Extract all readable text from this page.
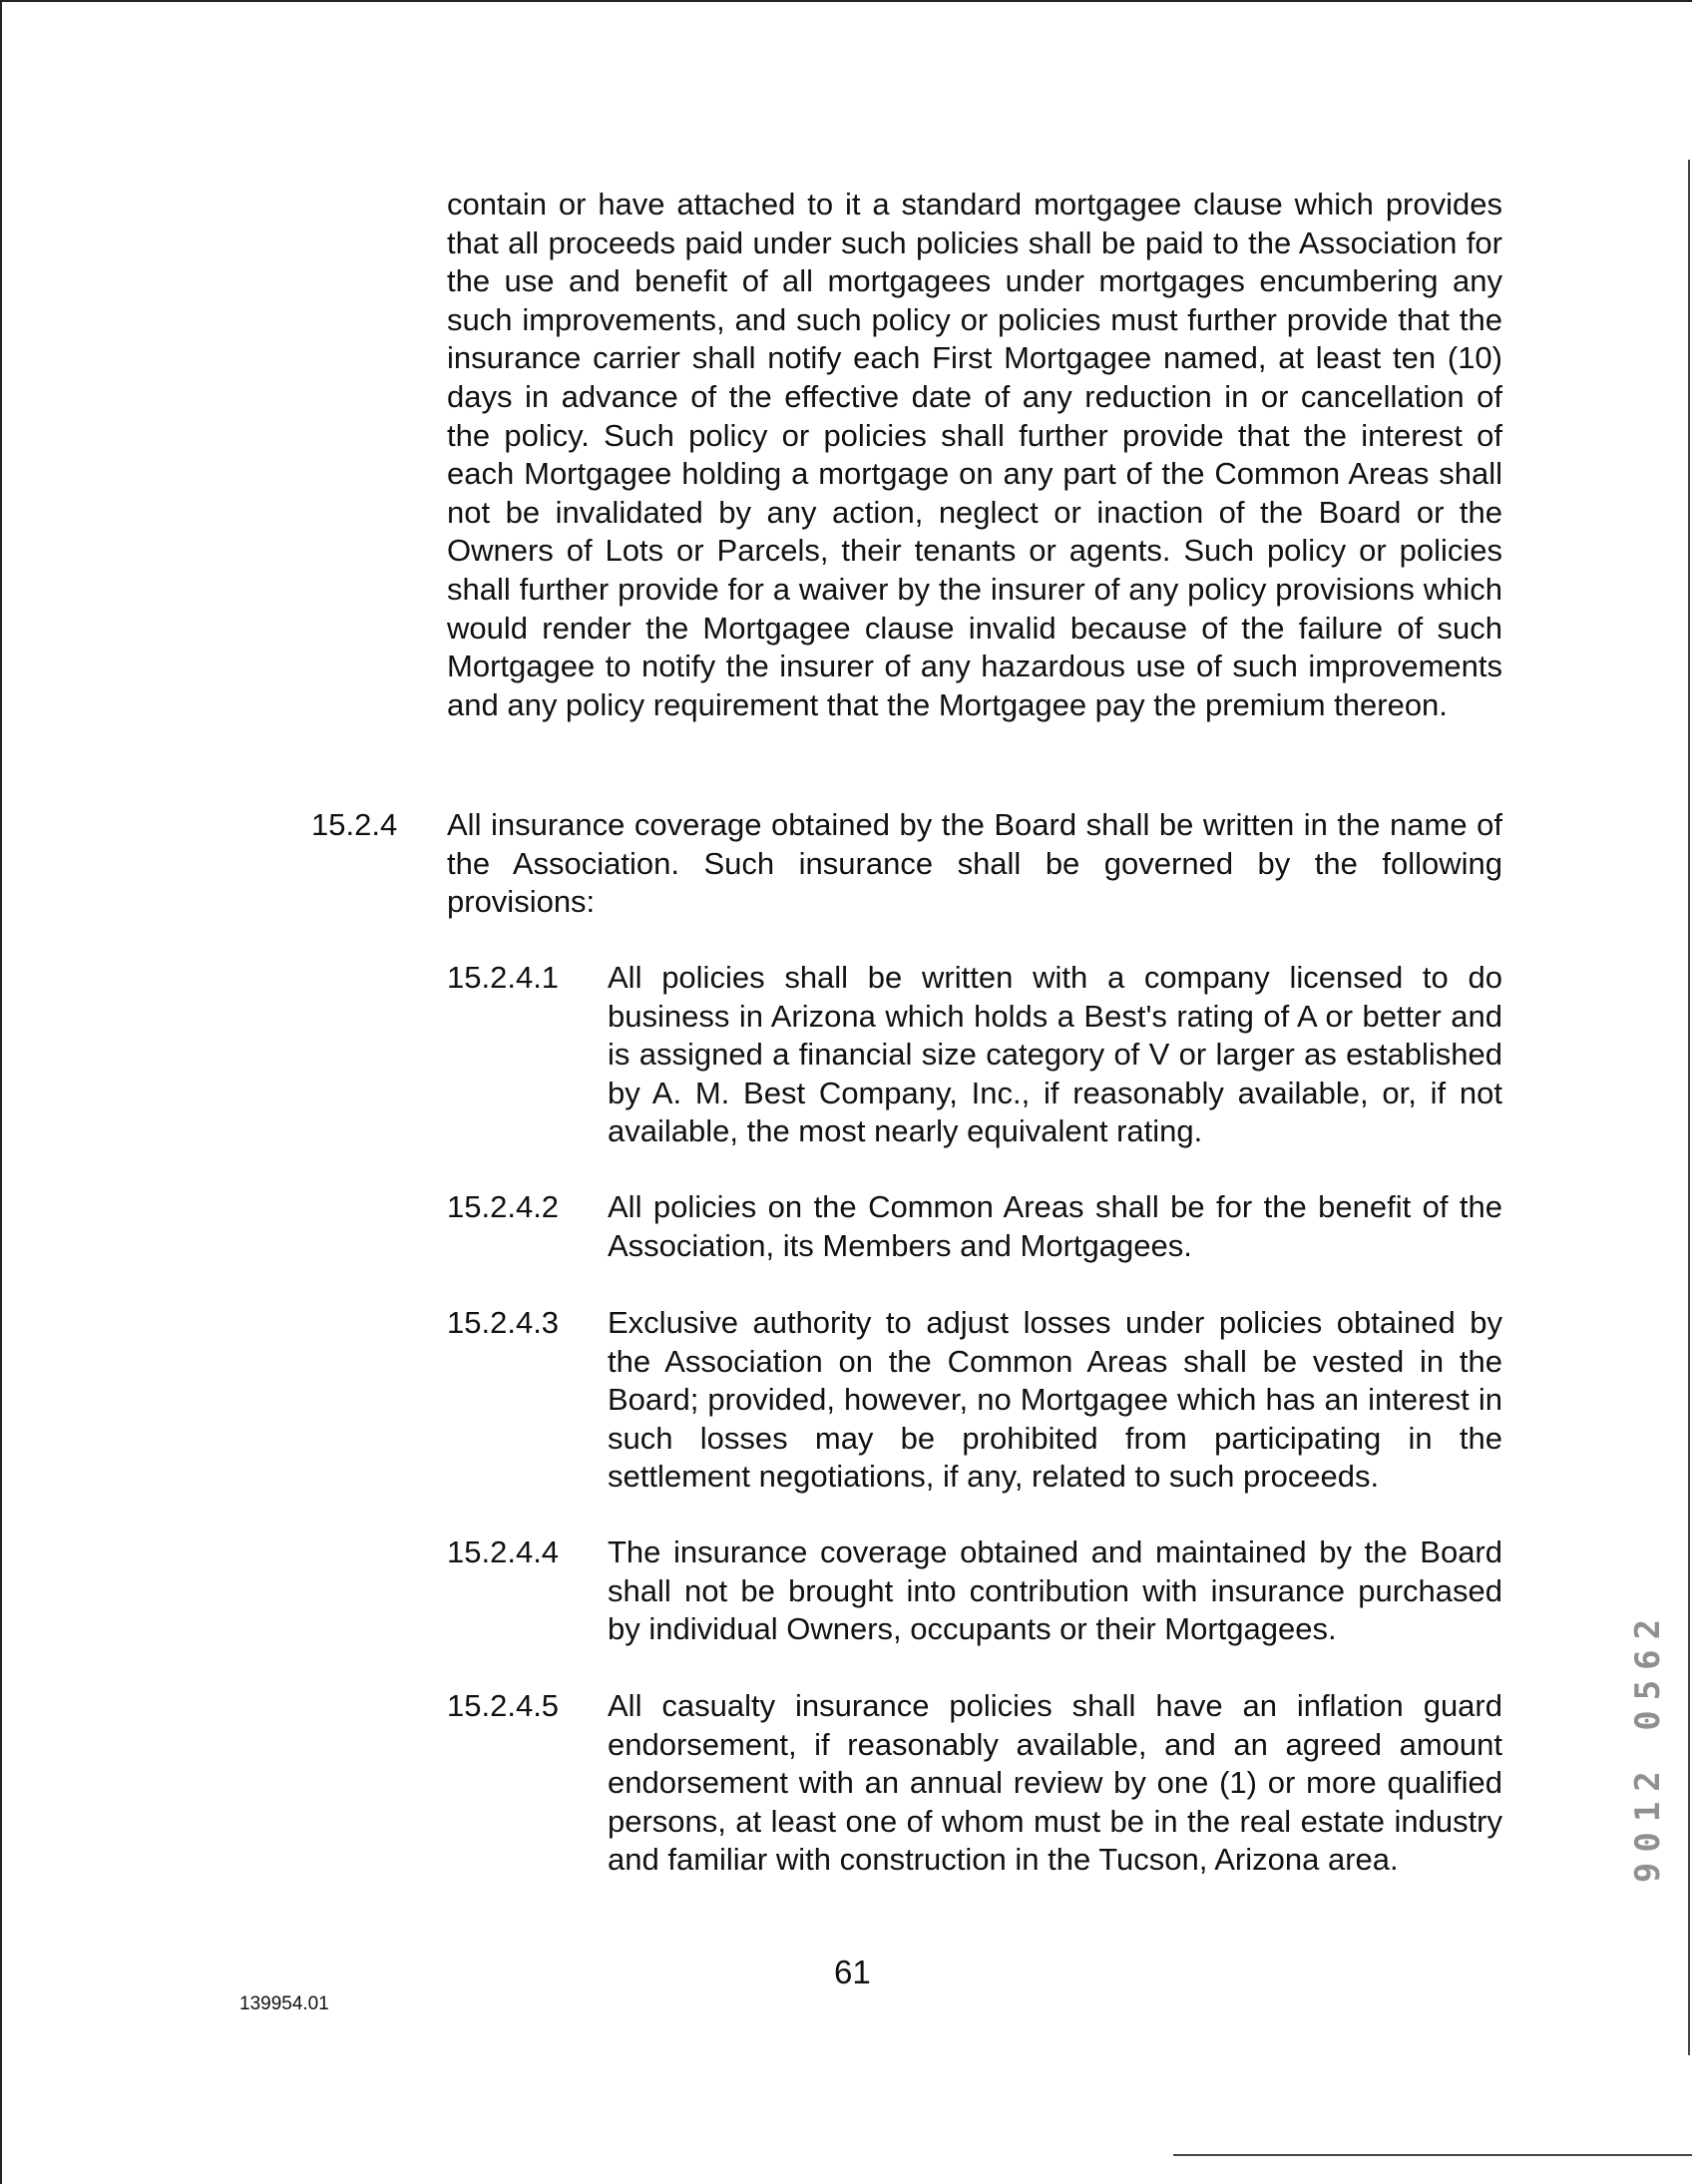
contain or have attached to it a standard mortgagee clause which provides that all proceeds paid under such policies shall be paid to the Association for the use and benefit of all mortgagees under mortgages encumbering any such improvements, and such policy or policies must further provide that the insurance carrier shall notify each First Mortgagee named, at least ten (10) days in advance of the effective date of any reduction in or cancellation of the policy. Such policy or policies shall further provide that the interest of each Mortgagee holding a mortgage on any part of the Common Areas shall not be invalidated by any action, neglect or inaction of the Board or the Owners of Lots or Parcels, their tenants or agents. Such policy or policies shall further provide for a waiver by the insurer of any policy provisions which would render the Mortgagee clause invalid because of the failure of such Mortgagee to notify the insurer of any hazardous use of such improvements and any policy requirement that the Mortgagee pay the premium thereon.

15.2.4 All insurance coverage obtained by the Board shall be written in the name of the Association. Such insurance shall be governed by the following provisions:

15.2.4.1 All policies shall be written with a company licensed to do business in Arizona which holds a Best's rating of A or better and is assigned a financial size category of V or larger as established by A. M. Best Company, Inc., if reasonably available, or, if not available, the most nearly equivalent rating.

15.2.4.2 All policies on the Common Areas shall be for the benefit of the Association, its Members and Mortgagees.

15.2.4.3 Exclusive authority to adjust losses under policies obtained by the Association on the Common Areas shall be vested in the Board; provided, however, no Mortgagee which has an interest in such losses may be prohibited from participating in the settlement negotiations, if any, related to such proceeds.

15.2.4.4 The insurance coverage obtained and maintained by the Board shall not be brought into contribution with insurance purchased by individual Owners, occupants or their Mortgagees.

15.2.4.5 All casualty insurance policies shall have an inflation guard endorsement, if reasonably available, and an agreed amount endorsement with an annual review by one (1) or more qualified persons, at least one of whom must be in the real estate industry and familiar with construction in the Tucson, Arizona area.

139954.01
61
9012 0562
